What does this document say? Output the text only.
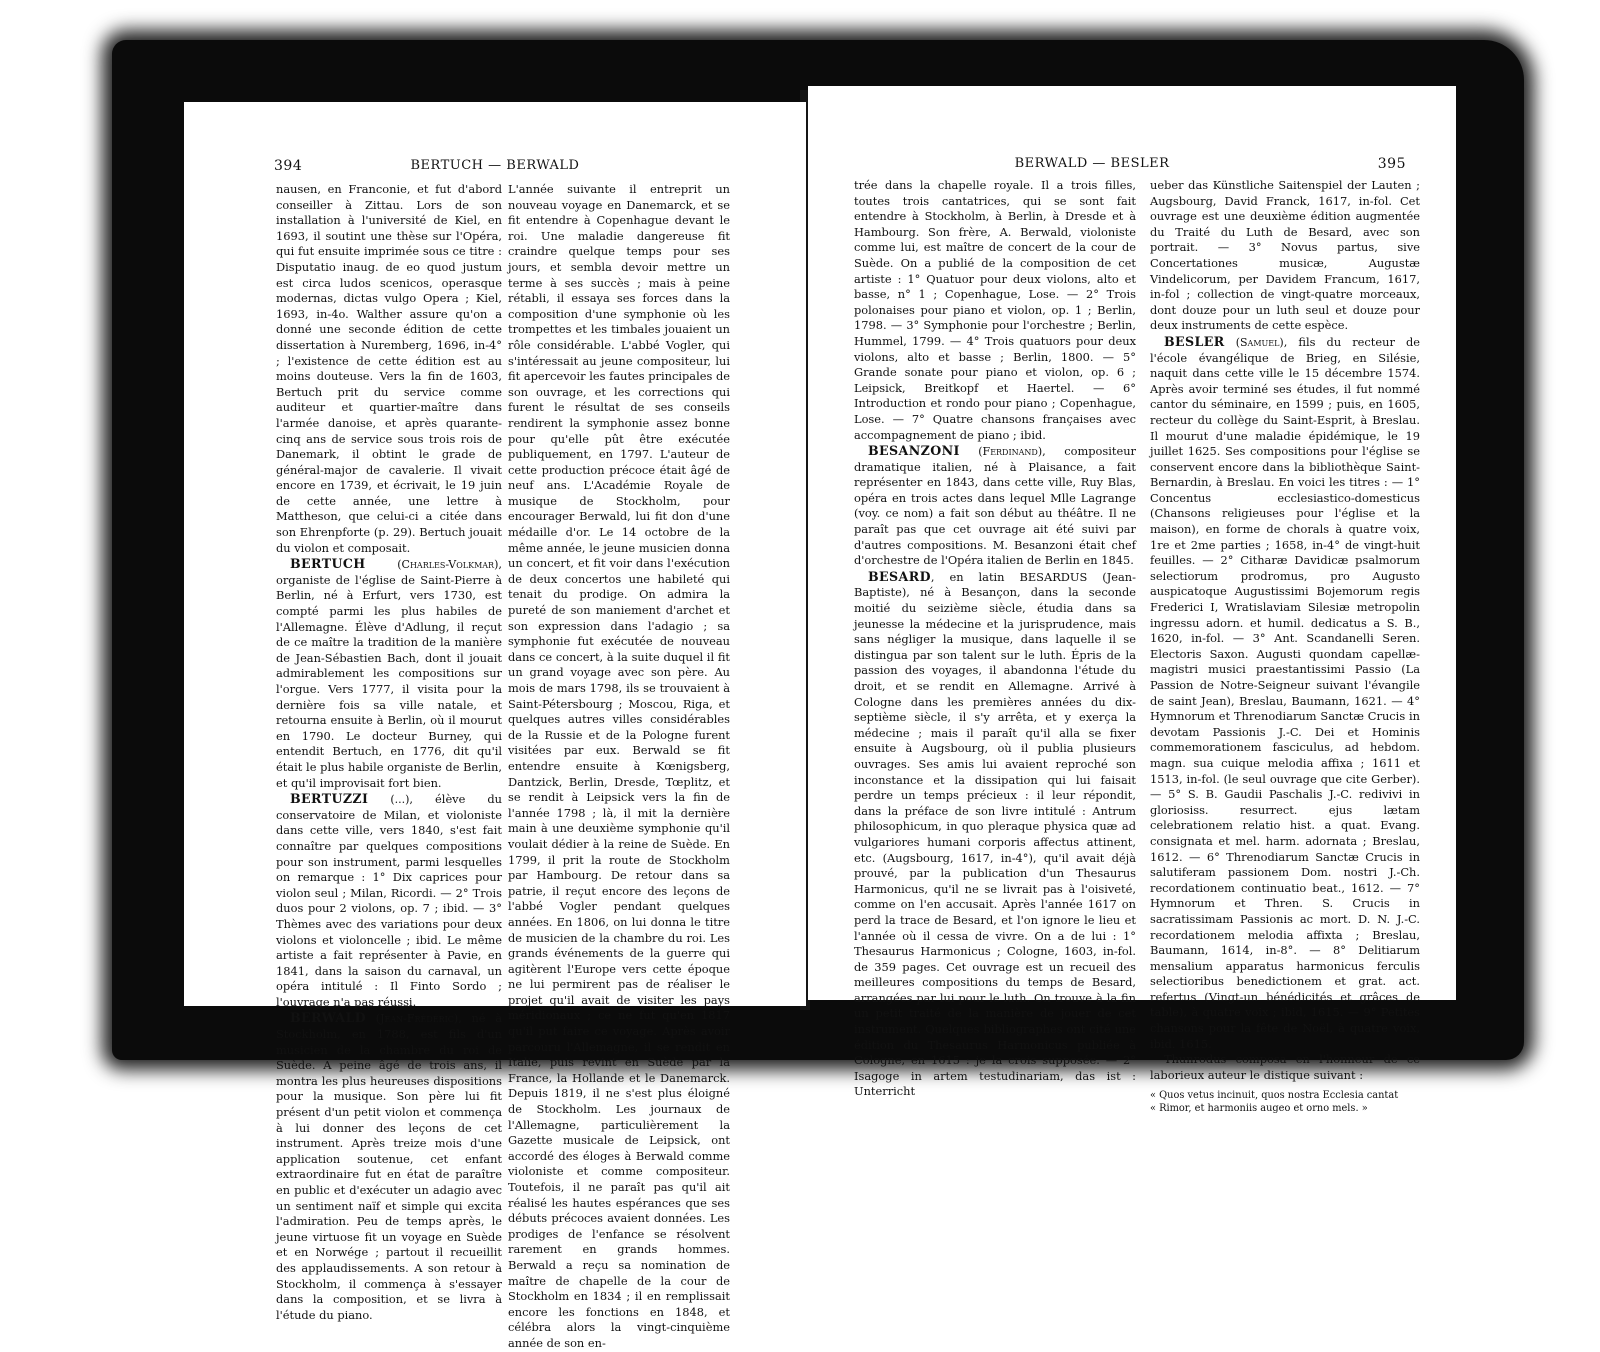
394	BERTUCH — BERWALD

nausen, en Franconie, et fut d'abord conseiller à Zittau. Lors de son installation à l'université de Kiel, en 1693, il soutint une thèse sur l'Opéra, qui fut ensuite imprimée sous ce titre : Disputatio inaug. de eo quod justum est circa ludos scenicos, operasque modernas, dictas vulgo Opera ; Kiel, 1693, in-4o. Walther assure qu'on a donné une seconde édition de cette dissertation à Nuremberg, 1696, in-4° ; l'existence de cette édition est au moins douteuse. Vers la fin de 1603, Bertuch prit du service comme auditeur et quartier-maître dans l'armée danoise, et après quarante-cinq ans de service sous trois rois de Danemark, il obtint le grade de général-major de cavalerie. Il vivait encore en 1739, et écrivait, le 19 juin de cette année, une lettre à Mattheson, que celui-ci a citée dans son Ehrenpforte (p. 29). Bertuch jouait du violon et composait.

BERTUCH	(Charles-Volkmar), organiste de l'église de Saint-Pierre à Berlin, né à Erfurt, vers 1730, est compté parmi les plus habiles de l'Allemagne. Élève d'Adlung, il reçut de ce maître la tradition de la manière de Jean-Sébastien Bach, dont il jouait admirablement les compositions sur l'orgue. Vers 1777, il visita pour la dernière fois sa ville natale, et retourna ensuite à Berlin, où il mourut en 1790. Le docteur Burney, qui entendit Bertuch, en 1776, dit qu'il était le plus habile organiste de Berlin, et qu'il improvisait fort bien.

BERTUZZI (...), élève du conservatoire de Milan, et violoniste dans cette ville, vers 1840, s'est fait connaître par quelques compositions pour son instrument, parmi lesquelles on remarque : 1° Dix caprices pour violon seul ; Milan, Ricordi. — 2° Trois duos pour 2 violons, op. 7 ; ibid. — 3° Thèmes avec des variations pour deux violons et violoncelle ; ibid. Le même artiste a fait représenter à Pavie, en 1841, dans la saison du carnaval, un opéra intitulé : Il Finto Sordo ; l'ouvrage n'a pas réussi.

BERWALD (Jean-Frédéric), né à Stockholm, en 1788, est fils d'un musicien de la chambre du roi de Suède. A peine âgé de trois ans, il montra les plus heureuses dispositions pour la musique. Son père lui fit présent d'un petit violon et commença à lui donner des leçons de cet instrument. Après treize mois d'une application soutenue, cet enfant extraordinaire fut en état de paraître en public et d'exécuter un adagio avec un sentiment naïf et simple qui excita l'admiration. Peu de temps après, le jeune virtuose fit un voyage en Suède et en Norwége ; partout il recueillit des applaudissements. A son retour à Stockholm, il commença à s'essayer dans la composition, et se livra à l'étude du piano.

L'année suivante il entreprit un nouveau voyage en Danemarck, et se fit entendre à Copenhague devant le roi. Une maladie dangereuse fit craindre quelque temps pour ses jours, et sembla devoir mettre un terme à ses succès ; mais à peine rétabli, il essaya ses forces dans la composition d'une symphonie où les trompettes et les timbales jouaient un rôle considérable. L'abbé Vogler, qui s'intéressait au jeune compositeur, lui fit apercevoir les fautes principales de son ouvrage, et les corrections qui furent le résultat de ses conseils rendirent la symphonie assez bonne pour qu'elle pût être exécutée publiquement, en 1797. L'auteur de cette production précoce était âgé de neuf ans. L'Académie Royale de musique de Stockholm, pour encourager Berwald, lui fit don d'une médaille d'or. Le 14 octobre de la même année, le jeune musicien donna un concert, et fit voir dans l'exécution de deux concertos une habileté qui tenait du prodige. On admira la pureté de son maniement d'archet et son expression dans l'adagio ; sa symphonie fut exécutée de nouveau dans ce concert, à la suite duquel il fit un grand voyage avec son père. Au mois de mars 1798, ils se trouvaient à Saint-Pétersbourg ; Moscou, Riga, et quelques autres villes considérables de la Russie et de la Pologne furent visitées par eux. Berwald se fit entendre ensuite à Kœnigsberg, Dantzick, Berlin, Dresde, Tœplitz, et se rendit à Leipsick vers la fin de l'année 1798 ; là, il mit la dernière main à une deuxième symphonie qu'il voulait dédier à la reine de Suède. En 1799, il prit la route de Stockholm par Hambourg. De retour dans sa patrie, il reçut encore des leçons de l'abbé Vogler pendant quelques années. En 1806, on lui donna le titre de musicien de la chambre du roi. Les grands événements de la guerre qui agitèrent l'Europe vers cette époque ne lui permirent pas de réaliser le projet qu'il avait de visiter les pays méridionaux ; ce ne fut qu'en 1817 qu'il put faire ce voyage. Après avoir parcouru l'Allemagne, il se rendit en Italie, puis revint en Suède par la France, la Hollande et le Danemarck. Depuis 1819, il ne s'est plus éloigné de Stockholm. Les journaux de l'Allemagne, particulièrement la Gazette musicale de Leipsick, ont accordé des éloges à Berwald comme violoniste et comme compositeur. Toutefois, il ne paraît pas qu'il ait réalisé les hautes espérances que ses débuts précoces avaient données. Les prodiges de l'enfance se résolvent rarement en grands hommes. Berwald a reçu sa nomination de maître de chapelle de la cour de Stockholm en 1834 ; il en remplissait encore les fonctions en 1848, et célébra alors la vingt-cinquième année de son en-

BERWALD — BESLER	395

trée dans la chapelle royale. Il a trois filles, toutes trois cantatrices, qui se sont fait entendre à Stockholm, à Berlin, à Dresde et à Hambourg. Son frère, A. Berwald, violoniste comme lui, est maître de concert de la cour de Suède. On a publié de la composition de cet artiste : 1° Quatuor pour deux violons, alto et basse, n° 1 ; Copenhague, Lose. — 2° Trois polonaises pour piano et violon, op. 1 ; Berlin, 1798. — 3° Symphonie pour l'orchestre ; Berlin, Hummel, 1799. — 4° Trois quatuors pour deux violons, alto et basse ; Berlin, 1800. — 5° Grande sonate pour piano et violon, op. 6 ; Leipsick, Breitkopf et Haertel. — 6° Introduction et rondo pour piano ; Copenhague, Lose. — 7° Quatre chansons françaises avec accompagnement de piano ; ibid.

BESANZONI (Ferdinand), compositeur dramatique italien, né à Plaisance, a fait représenter en 1843, dans cette ville, Ruy Blas, opéra en trois actes dans lequel Mlle Lagrange (voy. ce nom) a fait son début au théâtre. Il ne paraît pas que cet ouvrage ait été suivi par d'autres compositions. M. Besanzoni était chef d'orchestre de l'Opéra italien de Berlin en 1845.

BESARD, en latin BESARDUS (Jean-Baptiste), né à Besançon, dans la seconde moitié du seizième siècle, étudia dans sa jeunesse la médecine et la jurisprudence, mais sans négliger la musique, dans laquelle il se distingua par son talent sur le luth. Épris de la passion des voyages, il abandonna l'étude du droit, et se rendit en Allemagne. Arrivé à Cologne dans les premières années du dix-septième siècle, il s'y arrêta, et y exerça la médecine ; mais il paraît qu'il alla se fixer ensuite à Augsbourg, où il publia plusieurs ouvrages. Ses amis lui avaient reproché son inconstance et la dissipation qui lui faisait perdre un temps précieux : il leur répondit, dans la préface de son livre intitulé : Antrum philosophicum, in quo pleraque physica quæ ad vulgariores humani corporis affectus attinent, etc. (Augsbourg, 1617, in-4°), qu'il avait déjà prouvé, par la publication d'un Thesaurus Harmonicus, qu'il ne se livrait pas à l'oisiveté, comme on l'en accusait. Après l'année 1617 on perd la trace de Besard, et l'on ignore le lieu et l'année où il cessa de vivre. On a de lui : 1° Thesaurus Harmonicus ; Cologne, 1603, in-fol. de 359 pages. Cet ouvrage est un recueil des meilleures compositions du temps de Besard, arrangées par lui pour le luth. On trouve à la fin un petit traité de la manière de jouer de cet instrument. Quelques bibliographes ont cité une édition du Thesaurus Harmonicus publiée à Cologne, en 1615 : je la crois supposée. — 2° Isagoge in artem testudinariam, das ist : Unterricht

ueber das Künstliche Saitenspiel der Lauten ; Augsbourg, David Franck, 1617, in-fol. Cet ouvrage est une deuxième édition augmentée du Traité du Luth de Besard, avec son portrait. — 3° Novus partus, sive Concertationes musicæ, Augustæ Vindelicorum, per Davidem Francum, 1617, in-fol ; collection de vingt-quatre morceaux, dont douze pour un luth seul et douze pour deux instruments de cette espèce.

BESLER (Samuel), fils du recteur de l'école évangélique de Brieg, en Silésie, naquit dans cette ville le 15 décembre 1574. Après avoir terminé ses études, il fut nommé cantor du séminaire, en 1599 ; puis, en 1605, recteur du collège du Saint-Esprit, à Breslau. Il mourut d'une maladie épidémique, le 19 juillet 1625. Ses compositions pour l'église se conservent encore dans la bibliothèque Saint-Bernardin, à Breslau. En voici les titres : — 1° Concentus ecclesiastico-domesticus (Chansons religieuses pour l'église et la maison), en forme de chorals à quatre voix, 1re et 2me parties ; 1658, in-4° de vingt-huit feuilles. — 2° Citharæ Davidicæ psalmorum selectiorum prodromus, pro Augusto auspicatoque Augustissimi Bojemorum regis Frederici I, Wratislaviam Silesiæ metropolin ingressu adorn. et humil. dedicatus a S. B., 1620, in-fol. — 3° Ant. Scandanelli Seren. Electoris Saxon. Augusti quondam capellæ-magistri musici praestantissimi Passio (La Passion de Notre-Seigneur suivant l'évangile de saint Jean), Breslau, Baumann, 1621. — 4° Hymnorum et Threnodiarum Sanctæ Crucis in devotam Passionis J.-C. Dei et Hominis commemorationem fasciculus, ad hebdom. magn. sua cuique melodia affixa ; 1611 et 1513, in-fol. (le seul ouvrage que cite Gerber). — 5° S. B. Gaudii Paschalis J.-C. redivivi in gloriosiss. resurrect. ejus lætam celebrationem relatio hist. a quat. Evang. consignata et mel. harm. adornata ; Breslau, 1612. — 6° Threnodiarum Sanctæ Crucis in salutiferam passionem Dom. nostri J.-Ch. recordationem continuatio beat., 1612. — 7° Hymnorum et Thren. S. Crucis in sacratissimam Passionis ac mort. D. N. J.-C. recordationem melodia affixta ; Breslau, Baumann, 1614, in-8°. — 8° Delitiarum mensalium apparatus harmonicus ferculis selectioribus benedictionem et grat. act. refertus (Vingt-un bénédicités et grâces de table), à quatre voix ; ibid, 1615. — 9° Petites chansons pour la fête de Noël, à quatre voix, ibid. 1615.

Thunrodus composa en l'honneur de ce laborieux auteur le distique suivant :

« Quos vetus incinuit, quos nostra Ecclesia cantat
« Rimor, et harmoniis augeo et orno mels. »
